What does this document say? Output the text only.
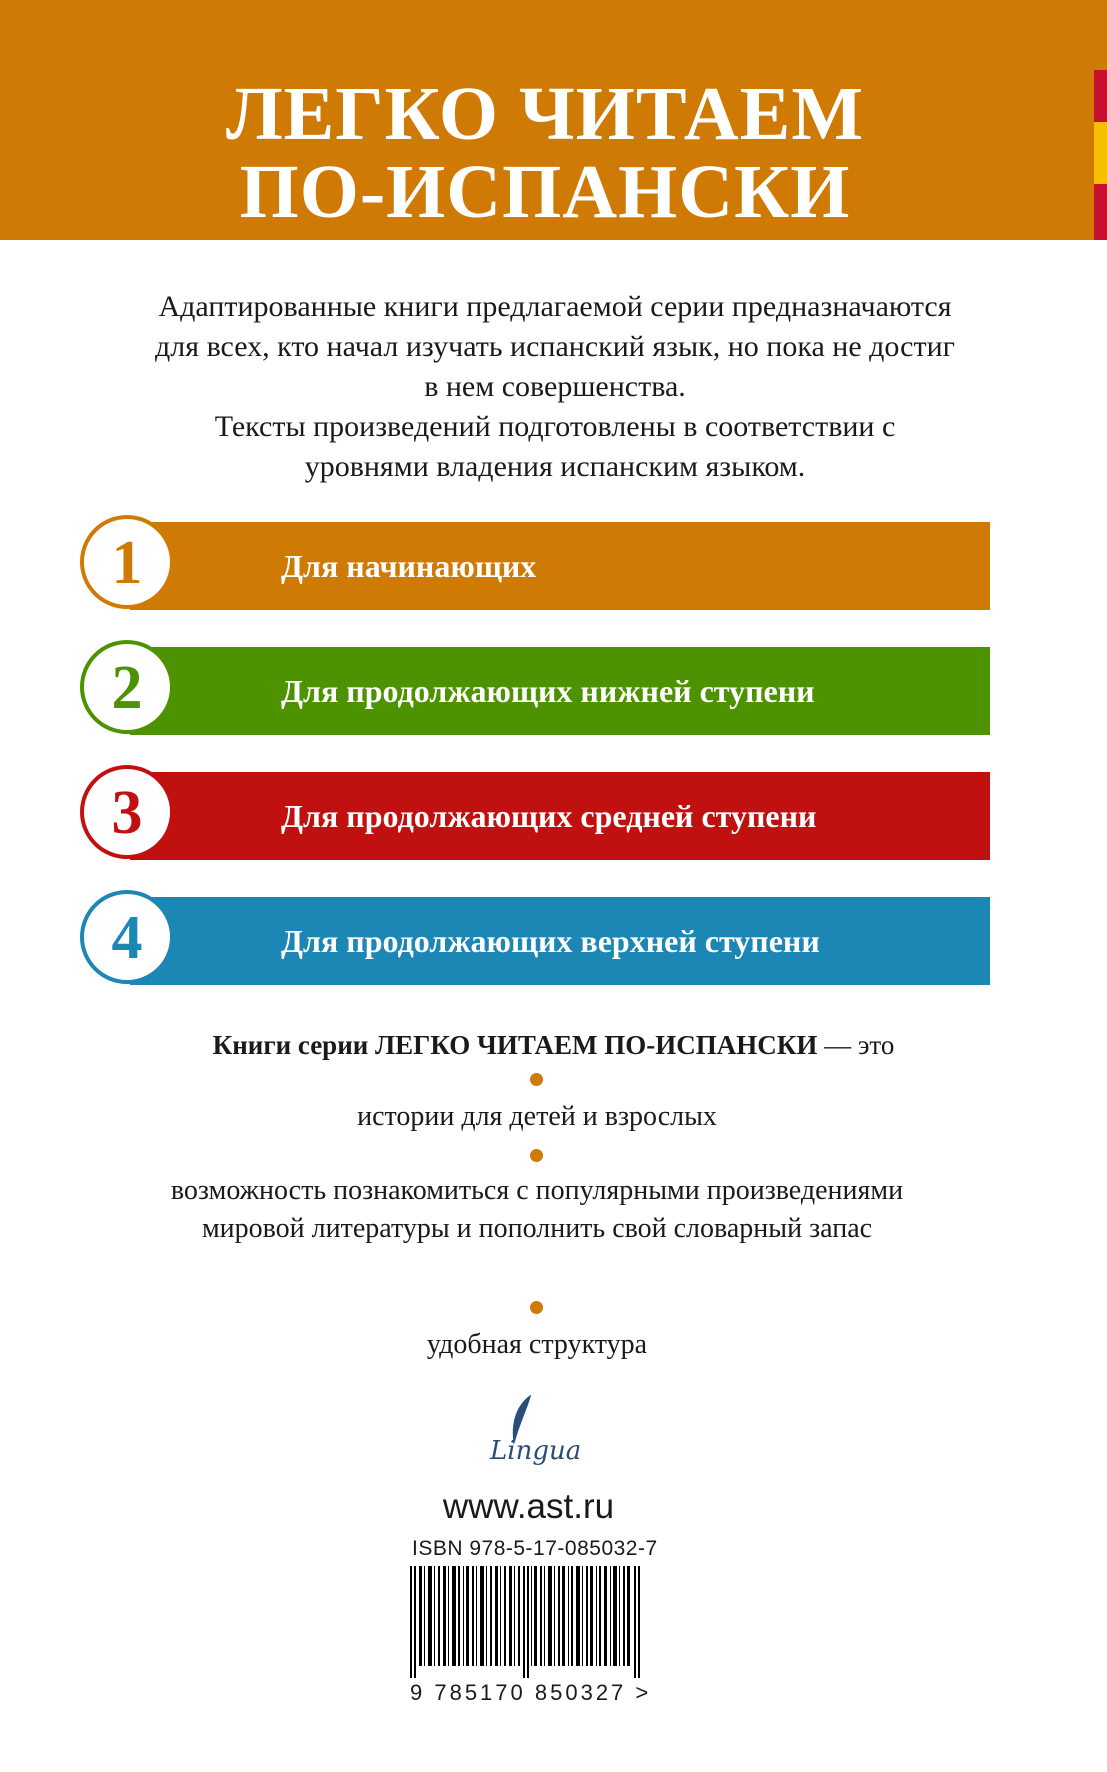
ЛЕГКО ЧИТАЕМ
ПО-ИСПАНСКИ

Адаптированные книги предлагаемой серии предназначаются для всех, кто начал изучать испанский язык, но пока не достиг в нем совершенства.

Тексты произведений подготовлены в соответствии с уровнями владения испанским языком.

Для начинающих
1
Для продолжающих нижней ступени
2
Для продолжающих средней ступени
3
Для продолжающих верхней ступени
4
Книги серии ЛЕГКО ЧИТАЕМ ПО-ИСПАНСКИ — это
истории для детей и взрослых
возможность познакомиться с популярными произведениями мировой литературы и пополнить свой словарный запас
удобная структура
Lingua
www.ast.ru
ISBN 978-5-17-085032-7
9 785170 850327 >
